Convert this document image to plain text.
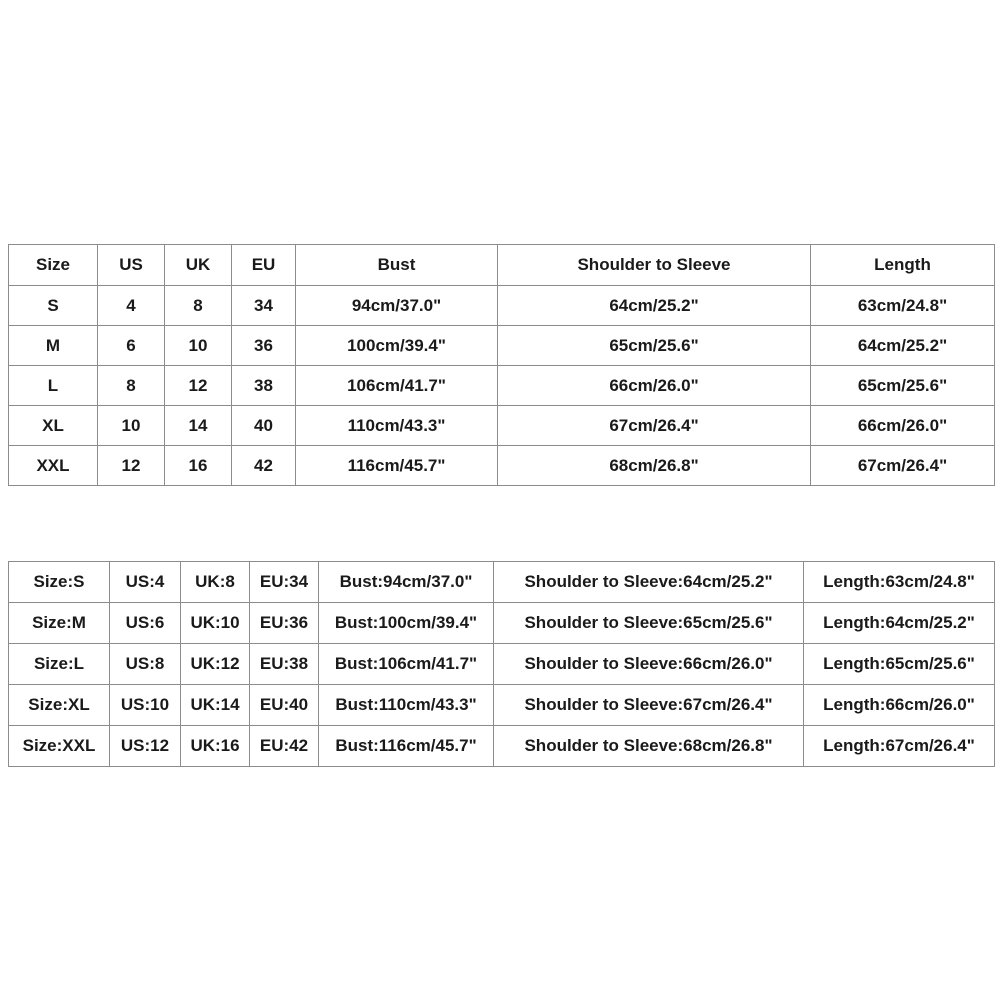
Size	US	UK	EU	Bust	Shoulder to Sleeve	Length
S	4	8	34	94cm/37.0"	64cm/25.2"	63cm/24.8"
M	6	10	36	100cm/39.4"	65cm/25.6"	64cm/25.2"
L	8	12	38	106cm/41.7"	66cm/26.0"	65cm/25.6"
XL	10	14	40	110cm/43.3"	67cm/26.4"	66cm/26.0"
XXL	12	16	42	116cm/45.7"	68cm/26.8"	67cm/26.4"
Size:S	US:4	UK:8	EU:34	Bust:94cm/37.0"	Shoulder to Sleeve:64cm/25.2"	Length:63cm/24.8"
Size:M	US:6	UK:10	EU:36	Bust:100cm/39.4"	Shoulder to Sleeve:65cm/25.6"	Length:64cm/25.2"
Size:L	US:8	UK:12	EU:38	Bust:106cm/41.7"	Shoulder to Sleeve:66cm/26.0"	Length:65cm/25.6"
Size:XL	US:10	UK:14	EU:40	Bust:110cm/43.3"	Shoulder to Sleeve:67cm/26.4"	Length:66cm/26.0"
Size:XXL	US:12	UK:16	EU:42	Bust:116cm/45.7"	Shoulder to Sleeve:68cm/26.8"	Length:67cm/26.4"
